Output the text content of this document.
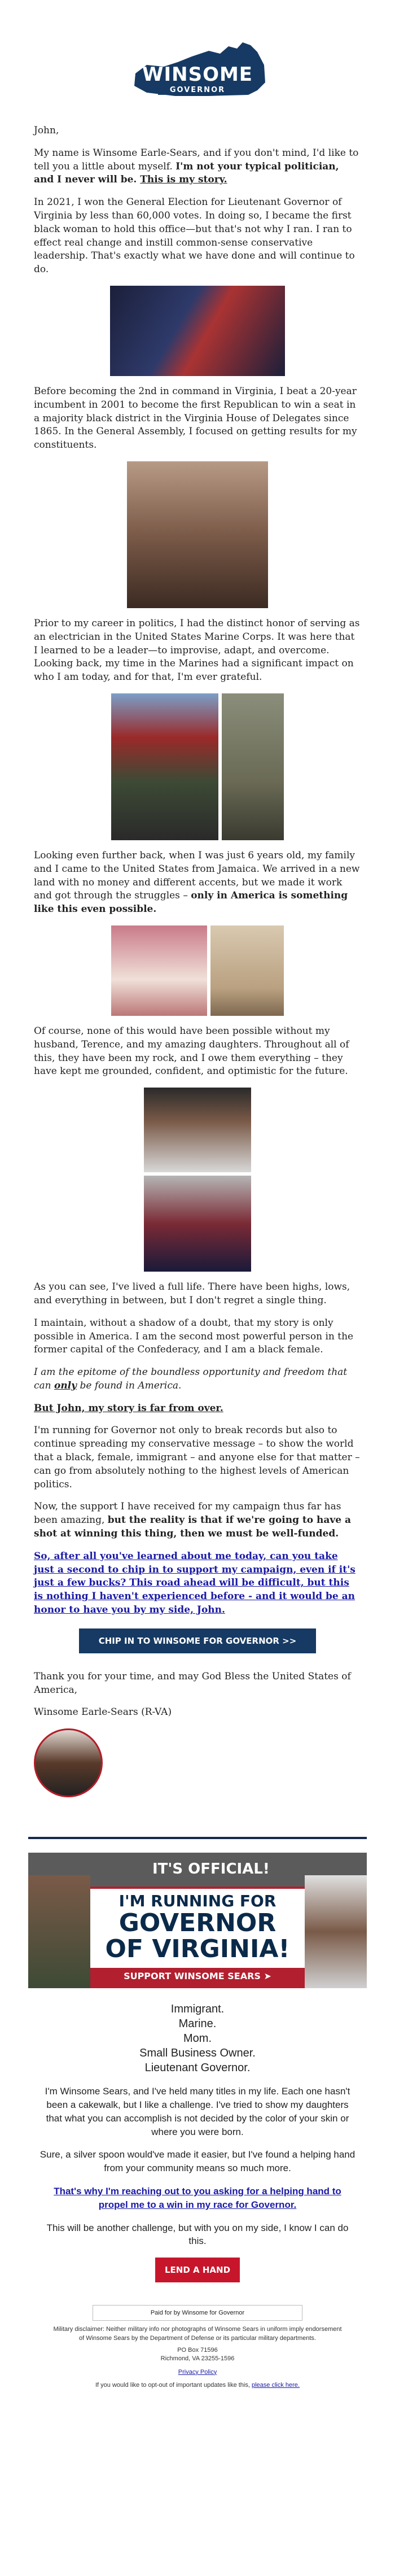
WINSOME
GOVERNOR

John,

My name is Winsome Earle-Sears, and if you don't mind, I'd like to tell you a little about myself. I'm not your typical politician, and I never will be. This is my story.

In 2021, I won the General Election for Lieutenant Governor of Virginia by less than 60,000 votes. In doing so, I became the first black woman to hold this office—but that's not why I ran. I ran to effect real change and instill common-sense conservative leadership. That's exactly what we have done and will continue to do.

Before becoming the 2nd in command in Virginia, I beat a 20-year incumbent in 2001 to become the first Republican to win a seat in a majority black district in the Virginia House of Delegates since 1865. In the General Assembly, I focused on getting results for my constituents.

Prior to my career in politics, I had the distinct honor of serving as an electrician in the United States Marine Corps. It was here that I learned to be a leader—to improvise, adapt, and overcome. Looking back, my time in the Marines had a significant impact on who I am today, and for that, I'm ever grateful.

Looking even further back, when I was just 6 years old, my family and I came to the United States from Jamaica. We arrived in a new land with no money and different accents, but we made it work and got through the struggles – only in America is something like this even possible.

Of course, none of this would have been possible without my husband, Terence, and my amazing daughters. Throughout all of this, they have been my rock, and I owe them everything – they have kept me grounded, confident, and optimistic for the future.

As you can see, I've lived a full life. There have been highs, lows, and everything in between, but I don't regret a single thing.

I maintain, without a shadow of a doubt, that my story is only possible in America. I am the second most powerful person in the former capital of the Confederacy, and I am a black female.

I am the epitome of the boundless opportunity and freedom that can only be found in America.

But John, my story is far from over.

I'm running for Governor not only to break records but also to continue spreading my conservative message – to show the world that a black, female, immigrant – and anyone else for that matter – can go from absolutely nothing to the highest levels of American politics.

Now, the support I have received for my campaign thus far has been amazing, but the reality is that if we're going to have a shot at winning this thing, then we must be well-funded.

So, after all you've learned about me today, can you take just a second to chip in to support my campaign, even if it's just a few bucks? This road ahead will be difficult, but this is nothing I haven't experienced before - and it would be an honor to have you by my side, John.

CHIP IN TO WINSOME FOR GOVERNOR >>

Thank you for your time, and may God Bless the United States of America,

Winsome Earle-Sears (R-VA)

IT'S OFFICIAL!
I'M RUNNING FOR
GOVERNOR
OF VIRGINIA!
SUPPORT WINSOME SEARS ➤
Immigrant.
Marine.
Mom.
Small Business Owner.
Lieutenant Governor.

I'm Winsome Sears, and I've held many titles in my life. Each one hasn't been a cakewalk, but I like a challenge. I've tried to show my daughters that what you can accomplish is not decided by the color of your skin or where you were born.

Sure, a silver spoon would've made it easier, but I've found a helping hand from your community means so much more.

That's why I'm reaching out to you asking for a helping hand to propel me to a win in my race for Governor.

This will be another challenge, but with you on my side, I know I can do this.

LEND A HAND
Paid for by Winsome for Governor
Military disclaimer: Neither military info nor photographs of Winsome Sears in uniform imply endorsement of Winsome Sears by the Department of Defense or its particular military departments.
PO Box 71596
Richmond, VA 23255-1596
Privacy Policy
If you would like to opt-out of important updates like this, please click here.
